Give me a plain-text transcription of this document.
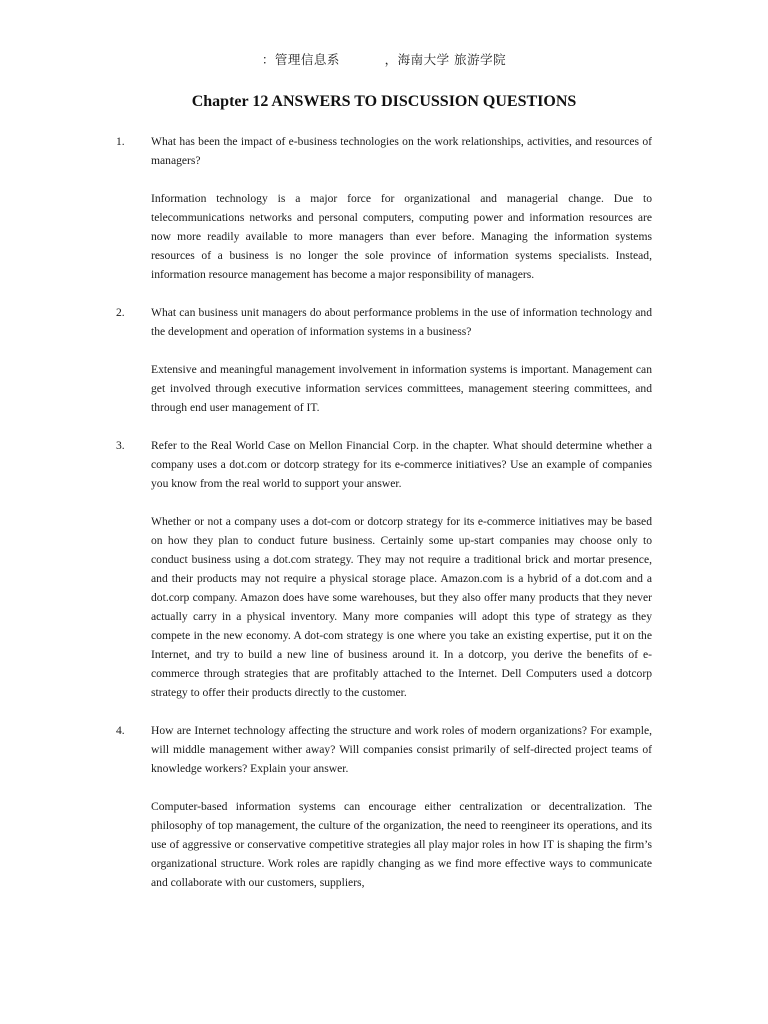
：管理信息系          ，海南大学 旅游学院
Chapter 12 ANSWERS TO DISCUSSION QUESTIONS
1. What has been the impact of e-business technologies on the work relationships, activities, and resources of managers?

Information technology is a major force for organizational and managerial change. Due to telecommunications networks and personal computers, computing power and information resources are now more readily available to more managers than ever before. Managing the information systems resources of a business is no longer the sole province of information systems specialists. Instead, information resource management has become a major responsibility of managers.

2. What can business unit managers do about performance problems in the use of information technology and the development and operation of information systems in a business?

Extensive and meaningful management involvement in information systems is important. Management can get involved through executive information services committees, management steering committees, and through end user management of IT.

3. Refer to the Real World Case on Mellon Financial Corp. in the chapter. What should determine whether a company uses a dot.com or dotcorp strategy for its e-commerce initiatives? Use an example of companies you know from the real world to support your answer.

Whether or not a company uses a dot-com or dotcorp strategy for its e-commerce initiatives may be based on how they plan to conduct future business. Certainly some up-start companies may choose only to conduct business using a dot.com strategy. They may not require a traditional brick and mortar presence, and their products may not require a physical storage place. Amazon.com is a hybrid of a dot.com and a dot.corp company. Amazon does have some warehouses, but they also offer many products that they never actually carry in a physical inventory. Many more companies will adopt this type of strategy as they compete in the new economy. A dot-com strategy is one where you take an existing expertise, put it on the Internet, and try to build a new line of business around it. In a dotcorp, you derive the benefits of e-commerce through strategies that are profitably attached to the Internet. Dell Computers used a dotcorp strategy to offer their products directly to the customer.

4. How are Internet technology affecting the structure and work roles of modern organizations? For example, will middle management wither away? Will companies consist primarily of self-directed project teams of knowledge workers? Explain your answer.

Computer-based information systems can encourage either centralization or decentralization. The philosophy of top management, the culture of the organization, the need to reengineer its operations, and its use of aggressive or conservative competitive strategies all play major roles in how IT is shaping the firm’s organizational structure. Work roles are rapidly changing as we find more effective ways to communicate and collaborate with our customers, suppliers,
